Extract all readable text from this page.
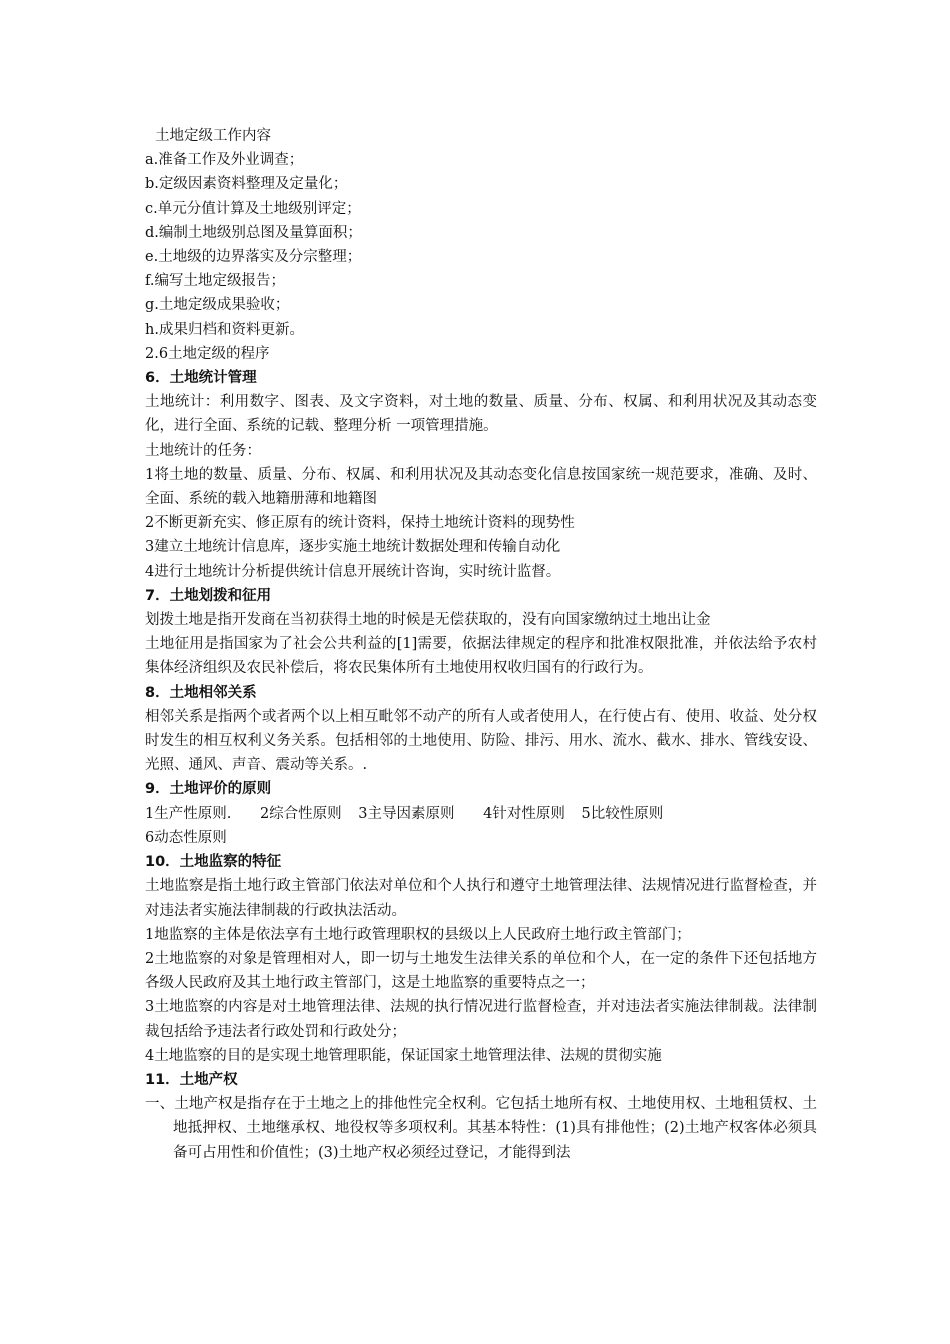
土地定级工作内容
a.准备工作及外业调查；
b.定级因素资料整理及定量化；
c.单元分值计算及土地级别评定；
d.编制土地级别总图及量算面积；
e.土地级的边界落实及分宗整理；
f.编写土地定级报告；
g.土地定级成果验收；
h.成果归档和资料更新。
2.6土地定级的程序
6．土地统计管理
土地统计：利用数字、图表、及文字资料，对土地的数量、质量、分布、权属、和利用状况及其动态变化，进行全面、系统的记载、整理分析 一项管理措施。
土地统计的任务：
1将土地的数量、质量、分布、权属、和利用状况及其动态变化信息按国家统一规范要求，准确、及时、全面、系统的载入地籍册薄和地籍图
2不断更新充实、修正原有的统计资料，保持土地统计资料的现势性
3建立土地统计信息库，逐步实施土地统计数据处理和传输自动化
4进行土地统计分析提供统计信息开展统计咨询，实时统计监督。
7．土地划拨和征用
划拨土地是指开发商在当初获得土地的时候是无偿获取的，没有向国家缴纳过土地出让金
土地征用是指国家为了社会公共利益的[1]需要，依据法律规定的程序和批准权限批准，并依法给予农村集体经济组织及农民补偿后，将农民集体所有土地使用权收归国有的行政行为。
8．土地相邻关系
相邻关系是指两个或者两个以上相互毗邻不动产的所有人或者使用人，在行使占有、使用、收益、处分权时发生的相互权利义务关系。包括相邻的土地使用、防险、排污、用水、流水、截水、排水、管线安设、光照、通风、声音、震动等关系。.
9．土地评价的原则
1生产性原则. 2综合性原则 3主导因素原则 4针对性原则 5比较性原则
6动态性原则
10．土地监察的特征
土地监察是指土地行政主管部门依法对单位和个人执行和遵守土地管理法律、法规情况进行监督检查，并对违法者实施法律制裁的行政执法活动。
1地监察的主体是依法享有土地行政管理职权的县级以上人民政府土地行政主管部门；
2土地监察的对象是管理相对人，即一切与土地发生法律关系的单位和个人，在一定的条件下还包括地方各级人民政府及其土地行政主管部门，这是土地监察的重要特点之一；
3土地监察的内容是对土地管理法律、法规的执行情况进行监督检查，并对违法者实施法律制裁。法律制裁包括给予违法者行政处罚和行政处分；
4土地监察的目的是实现土地管理职能，保证国家土地管理法律、法规的贯彻实施
11．土地产权
一、土地产权是指存在于土地之上的排他性完全权利。它包括土地所有权、土地使用权、土地租赁权、土地抵押权、土地继承权、地役权等多项权利。其基本特性：(1)具有排他性；(2)土地产权客体必须具备可占用性和价值性；(3)土地产权必须经过登记，才能得到法
